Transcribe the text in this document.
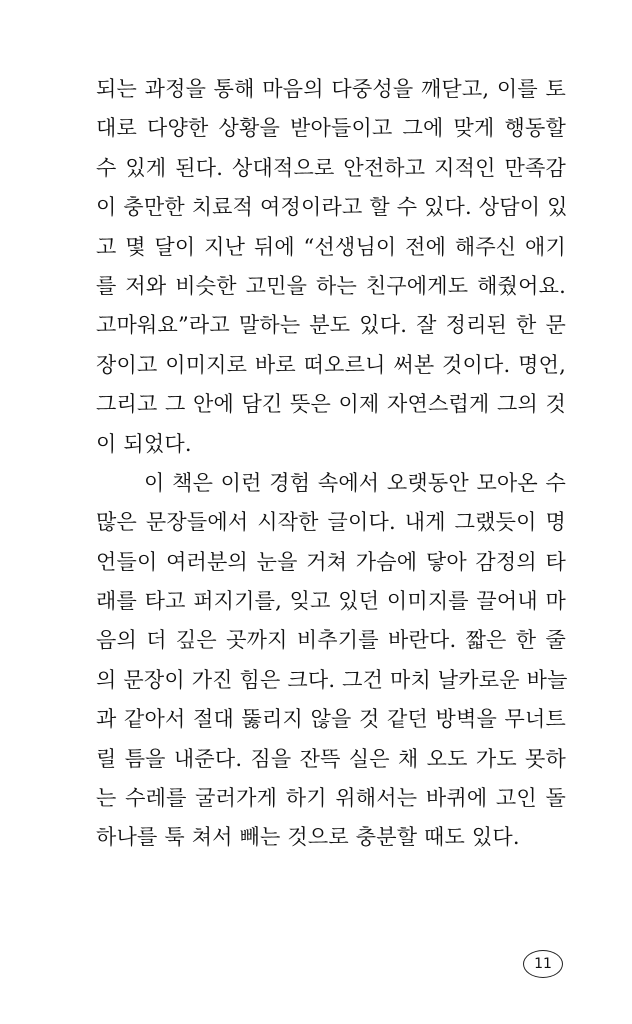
되는 과정을 통해 마음의 다중성을 깨닫고, 이를 토
대로 다양한 상황을 받아들이고 그에 맞게 행동할
수 있게 된다. 상대적으로 안전하고 지적인 만족감
이 충만한 치료적 여정이라고 할 수 있다. 상담이 있
고 몇 달이 지난 뒤에 “선생님이 전에 해주신 애기
를 저와 비슷한 고민을 하는 친구에게도 해줬어요.
고마워요”라고 말하는 분도 있다. 잘 정리된 한 문
장이고 이미지로 바로 떠오르니 써본 것이다. 명언,
그리고 그 안에 담긴 뜻은 이제 자연스럽게 그의 것
이 되었다.
이 책은 이런 경험 속에서 오랫동안 모아온 수
많은 문장들에서 시작한 글이다. 내게 그랬듯이 명
언들이 여러분의 눈을 거쳐 가슴에 닿아 감정의 타
래를 타고 퍼지기를, 잊고 있던 이미지를 끌어내 마
음의 더 깊은 곳까지 비추기를 바란다. 짧은 한 줄
의 문장이 가진 힘은 크다. 그건 마치 날카로운 바늘
과 같아서 절대 뚫리지 않을 것 같던 방벽을 무너트
릴 틈을 내준다. 짐을 잔뜩 실은 채 오도 가도 못하
는 수레를 굴러가게 하기 위해서는 바퀴에 고인 돌
하나를 툭 쳐서 빼는 것으로 충분할 때도 있다.
11
